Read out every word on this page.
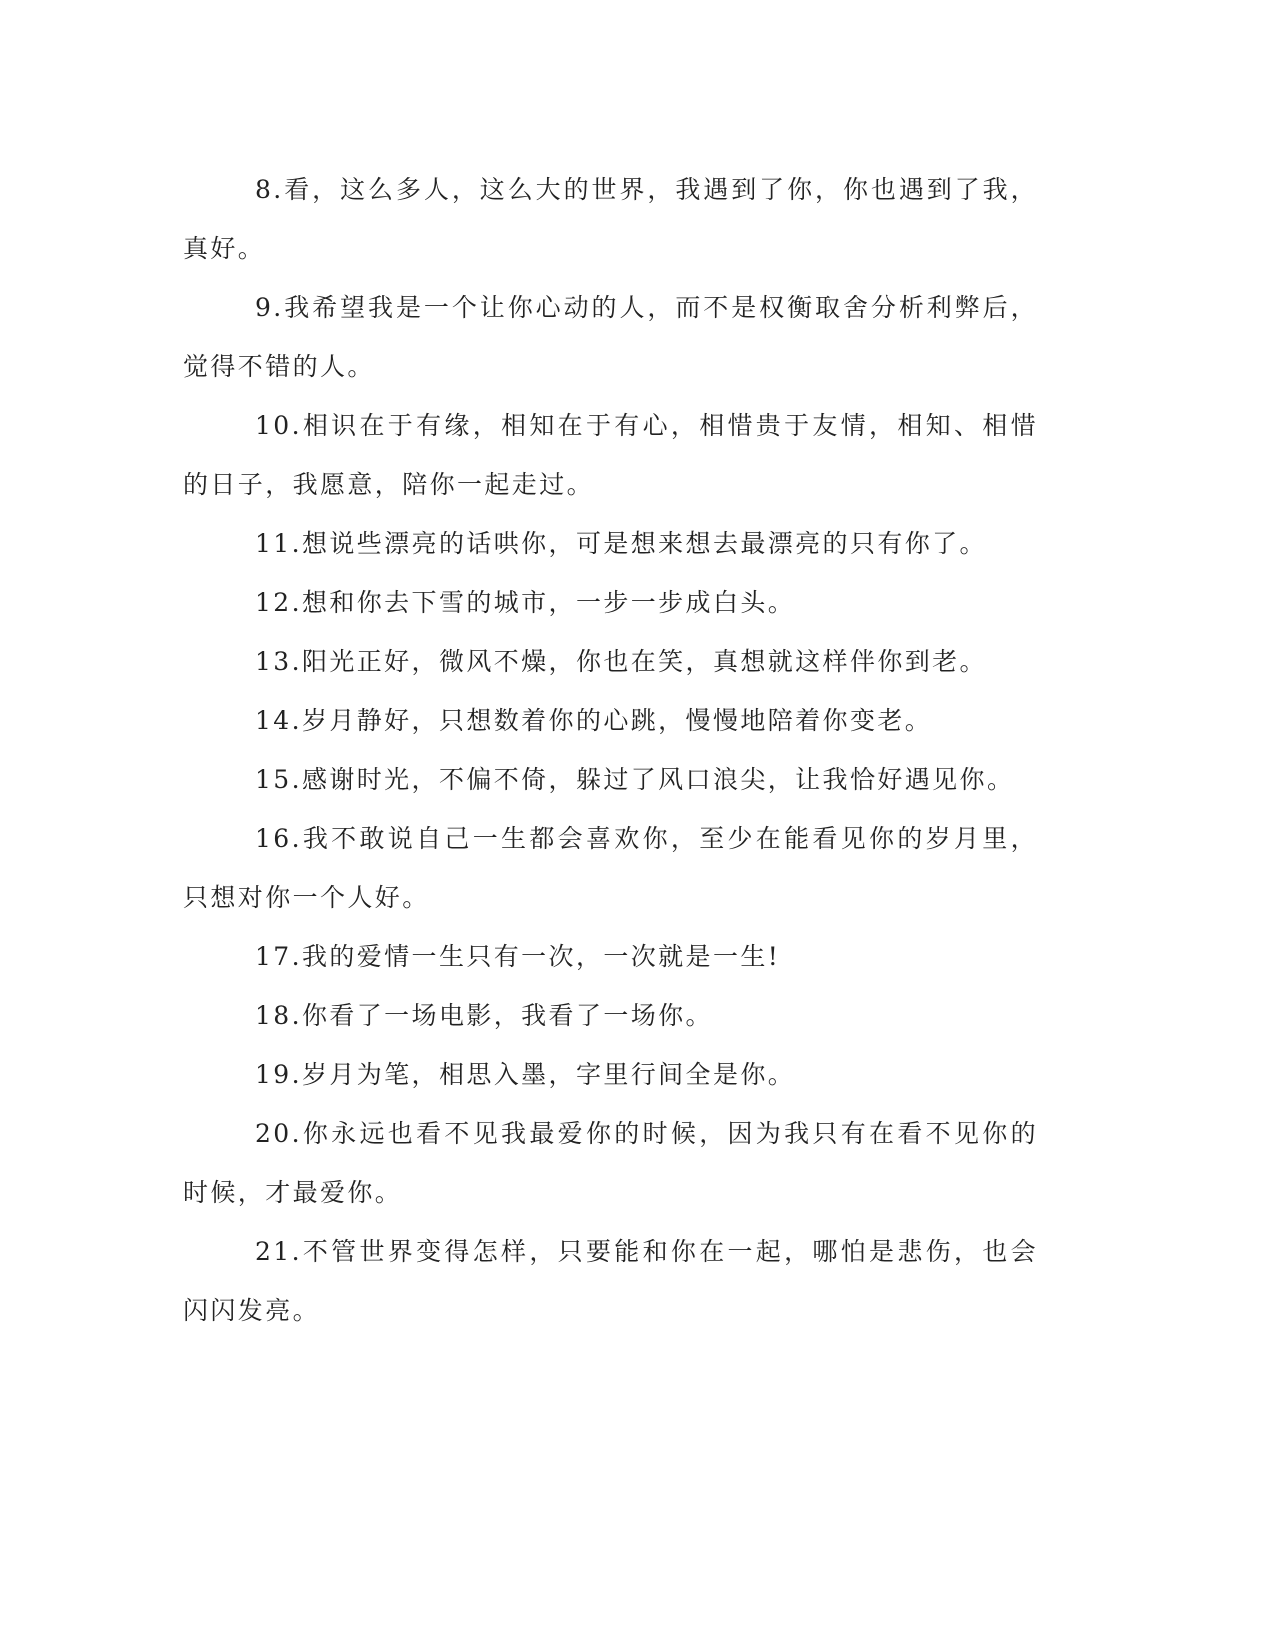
8.看，这么多人，这么大的世界，我遇到了你，你也遇到了我，真好。

9.我希望我是一个让你心动的人，而不是权衡取舍分析利弊后，觉得不错的人。

10.相识在于有缘，相知在于有心，相惜贵于友情，相知、相惜的日子，我愿意，陪你一起走过。

11.想说些漂亮的话哄你，可是想来想去最漂亮的只有你了。

12.想和你去下雪的城市，一步一步成白头。

13.阳光正好，微风不燥，你也在笑，真想就这样伴你到老。

14.岁月静好，只想数着你的心跳，慢慢地陪着你变老。

15.感谢时光，不偏不倚，躲过了风口浪尖，让我恰好遇见你。

16.我不敢说自己一生都会喜欢你，至少在能看见你的岁月里，只想对你一个人好。

17.我的爱情一生只有一次，一次就是一生!

18.你看了一场电影，我看了一场你。

19.岁月为笔，相思入墨，字里行间全是你。

20.你永远也看不见我最爱你的时候，因为我只有在看不见你的时候，才最爱你。

21.不管世界变得怎样，只要能和你在一起，哪怕是悲伤，也会闪闪发亮。
